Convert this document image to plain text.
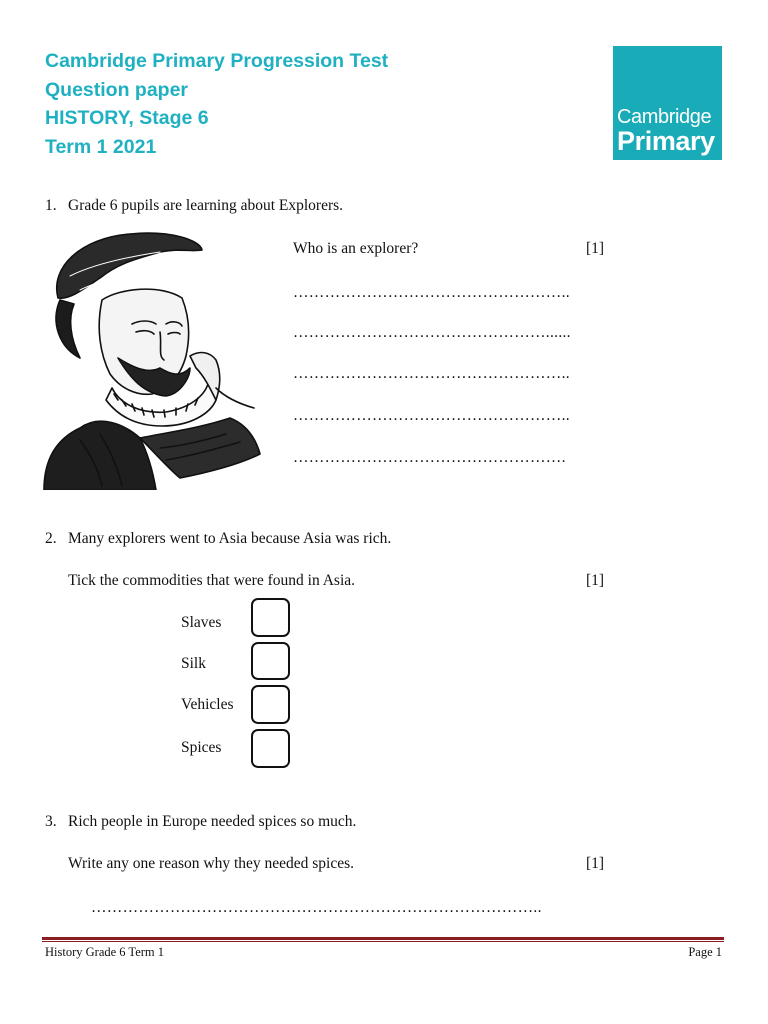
Cambridge Primary Progression Test
Question paper
HISTORY, Stage 6
Term 1 2021
Cambridge
Primary
1. Grade 6 pupils are learning about Explorers.
Who is an explorer?	[1]
……………………………………………..
…………………………………………......
……………………………………………..
……………………………………………..
…………………………………………….
2. Many explorers went to Asia because Asia was rich.
Tick the commodities that were found in Asia.	[1]
Slaves
Silk
Vehicles
Spices
3. Rich people in Europe needed spices so much.
Write any one reason why they needed spices.	[1]
…………………………………………………………………………..
History Grade 6 Term 1	Page 1
